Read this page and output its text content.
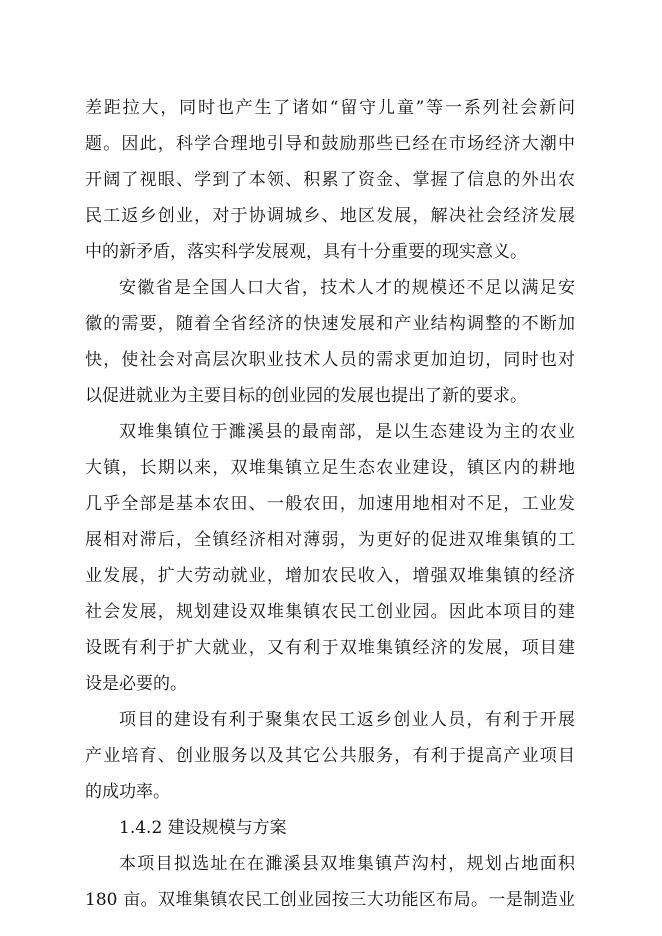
差距拉大，同时也产生了诸如“留守儿童”等一系列社会新问

题。因此，科学合理地引导和鼓励那些已经在市场经济大潮中

开阔了视眼、学到了本领、积累了资金、掌握了信息的外出农

民工返乡创业，对于协调城乡、地区发展，解决社会经济发展

中的新矛盾，落实科学发展观，具有十分重要的现实意义。

安徽省是全国人口大省，技术人才的规模还不足以满足安

徽的需要，随着全省经济的快速发展和产业结构调整的不断加

快，使社会对高层次职业技术人员的需求更加迫切，同时也对

以促进就业为主要目标的创业园的发展也提出了新的要求。

双堆集镇位于濉溪县的最南部，是以生态建设为主的农业

大镇，长期以来，双堆集镇立足生态农业建设，镇区内的耕地

几乎全部是基本农田、一般农田，加速用地相对不足，工业发

展相对滞后，全镇经济相对薄弱，为更好的促进双堆集镇的工

业发展，扩大劳动就业，增加农民收入，增强双堆集镇的经济

社会发展，规划建设双堆集镇农民工创业园。因此本项目的建

设既有利于扩大就业，又有利于双堆集镇经济的发展，项目建

设是必要的。

项目的建设有利于聚集农民工返乡创业人员，有利于开展

产业培育、创业服务以及其它公共服务，有利于提高产业项目

的成功率。

1.4.2 建设规模与方案

本项目拟选址在在濉溪县双堆集镇芦沟村，规划占地面积

180 亩。双堆集镇农民工创业园按三大功能区布局。一是制造业
